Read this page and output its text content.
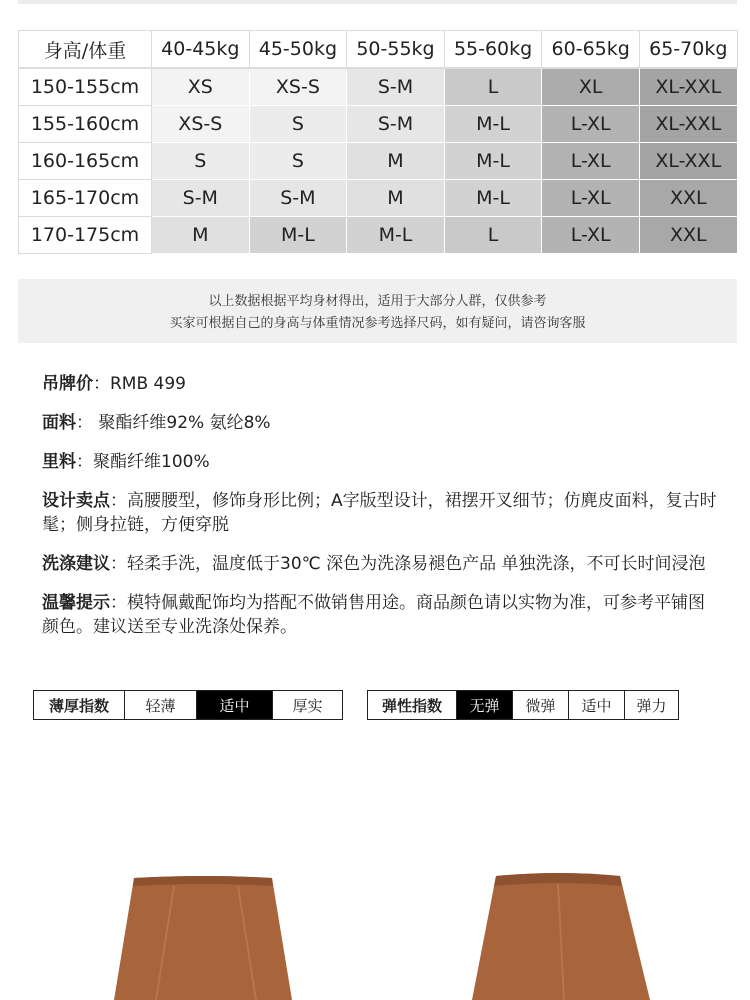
身高/体重	40-45kg	45-50kg	50-55kg	55-60kg	60-65kg	65-70kg
150-155cm	XS	XS-S	S-M	L	XL	XL-XXL
155-160cm	XS-S	S	S-M	M-L	L-XL	XL-XXL
160-165cm	S	S	M	M-L	L-XL	XL-XXL
165-170cm	S-M	S-M	M	M-L	L-XL	XXL
170-175cm	M	M-L	M-L	L	L-XL	XXL
以上数据根据平均身材得出，适用于大部分人群，仅供参考
买家可根据自己的身高与体重情况参考选择尺码，如有疑问，请咨询客服
吊牌价：RMB 499
面料： 聚酯纤维92% 氨纶8%
里料：聚酯纤维100%
设计卖点：高腰腰型，修饰身形比例；A字版型设计，裙摆开叉细节；仿麂皮面料，复古时髦；侧身拉链，方便穿脱
洗涤建议：轻柔手洗，温度低于30℃ 深色为洗涤易褪色产品 单独洗涤，不可长时间浸泡
温馨提示：模特佩戴配饰均为搭配不做销售用途。商品颜色请以实物为准，可参考平铺图颜色。建议送至专业洗涤处保养。
薄厚指数	轻薄	适中	厚实	弹性指数	无弹	微弹	适中	弹力
